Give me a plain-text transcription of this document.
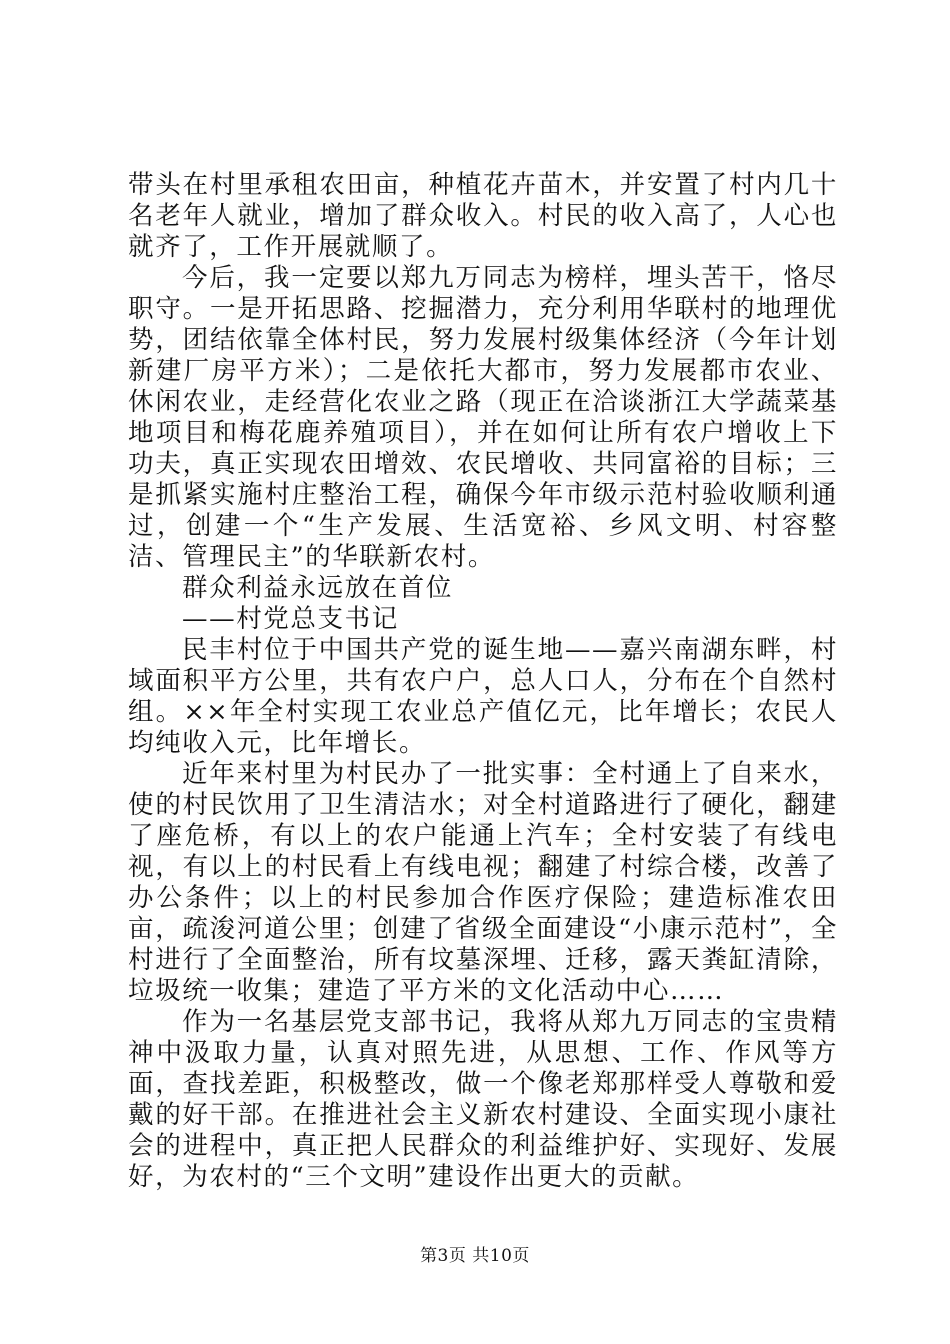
带头在村里承租农田亩，种植花卉苗木，并安置了村内几十名老年人就业，增加了群众收入。村民的收入高了，人心也就齐了，工作开展就顺了。

今后，我一定要以郑九万同志为榜样，埋头苦干，恪尽职守。一是开拓思路、挖掘潜力，充分利用华联村的地理优势，团结依靠全体村民，努力发展村级集体经济（今年计划新建厂房平方米）；二是依托大都市，努力发展都市农业、休闲农业，走经营化农业之路（现正在洽谈浙江大学蔬菜基地项目和梅花鹿养殖项目），并在如何让所有农户增收上下功夫，真正实现农田增效、农民增收、共同富裕的目标；三是抓紧实施村庄整治工程，确保今年市级示范村验收顺利通过，创建一个“生产发展、生活宽裕、乡风文明、村容整洁、管理民主”的华联新农村。

群众利益永远放在首位

——村党总支书记

民丰村位于中国共产党的诞生地——嘉兴南湖东畔，村域面积平方公里，共有农户户，总人口人，分布在个自然村组。××年全村实现工农业总产值亿元，比年增长；农民人均纯收入元，比年增长。

近年来村里为村民办了一批实事：全村通上了自来水，使的村民饮用了卫生清洁水；对全村道路进行了硬化，翻建了座危桥，有以上的农户能通上汽车；全村安装了有线电视，有以上的村民看上有线电视；翻建了村综合楼，改善了办公条件；以上的村民参加合作医疗保险；建造标准农田亩，疏浚河道公里；创建了省级全面建设“小康示范村”，全村进行了全面整治，所有坟墓深埋、迁移，露天粪缸清除，垃圾统一收集；建造了平方米的文化活动中心……

作为一名基层党支部书记，我将从郑九万同志的宝贵精神中汲取力量，认真对照先进，从思想、工作、作风等方面，查找差距，积极整改，做一个像老郑那样受人尊敬和爱戴的好干部。在推进社会主义新农村建设、全面实现小康社会的进程中，真正把人民群众的利益维护好、实现好、发展好，为农村的“三个文明”建设作出更大的贡献。

第3页 共10页
